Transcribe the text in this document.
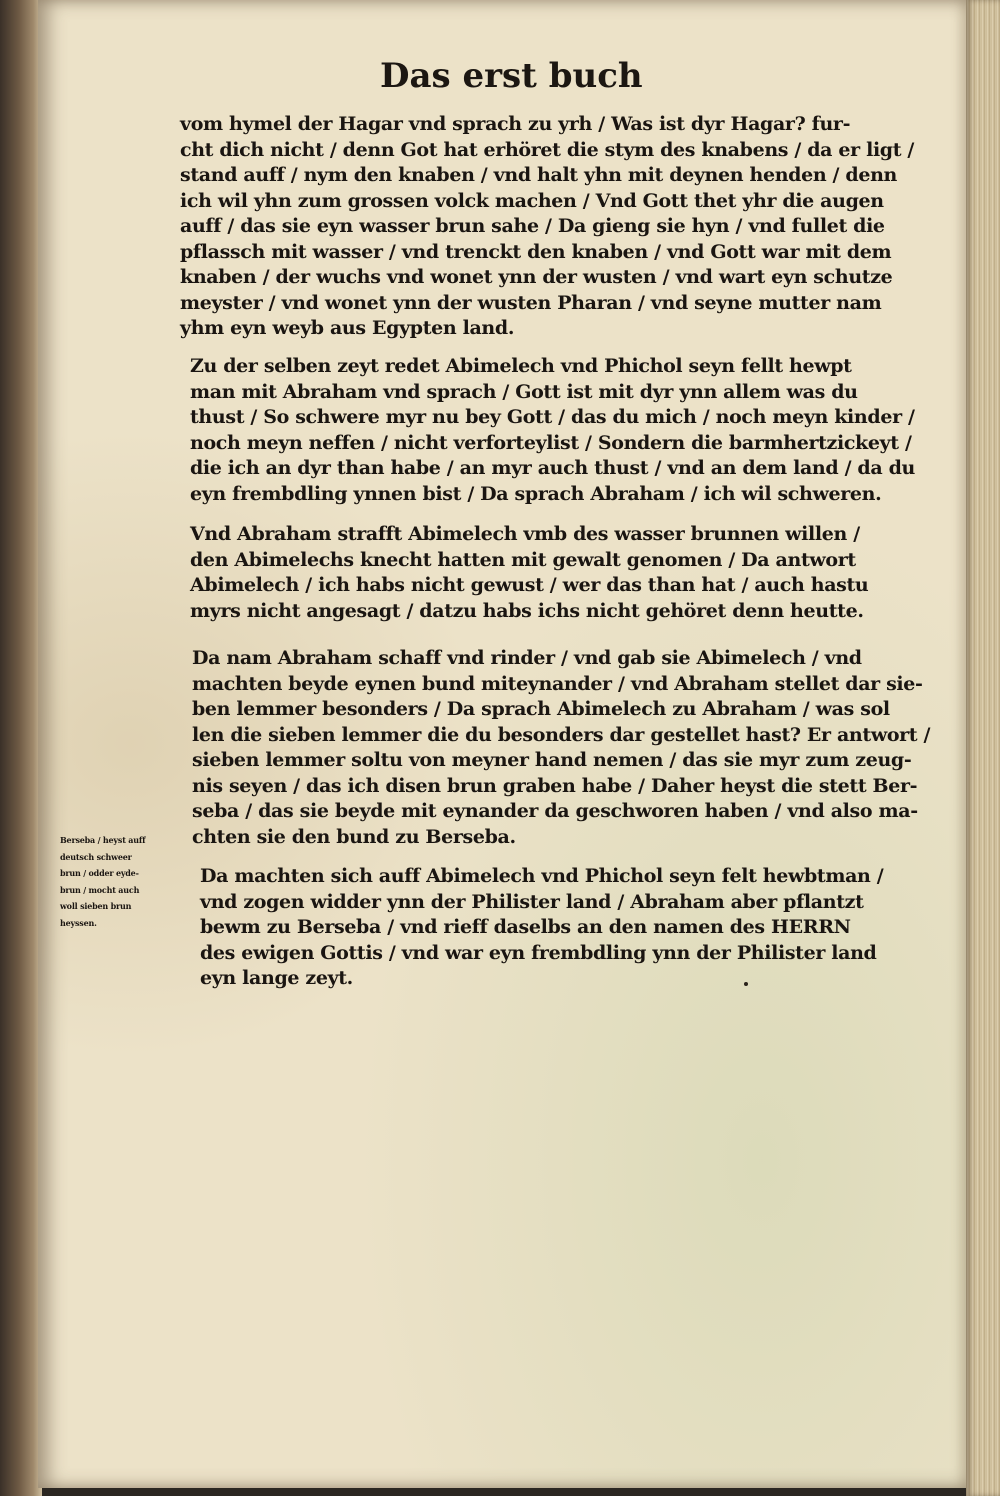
Das erst buch
vom hymel der Hagar vnd sprach zu yrh / Was ist dyr Hagar? fur-
cht dich nicht / denn Got hat erhöret die stym des knabens / da er ligt /
stand auff / nym den knaben / vnd halt yhn mit deynen henden / denn
ich wil yhn zum grossen volck machen / Vnd Gott thet yhr die augen
auff / das sie eyn wasser brun sahe / Da gieng sie hyn / vnd fullet die
pflassch mit wasser / vnd trenckt den knaben / vnd Gott war mit dem
knaben / der wuchs vnd wonet ynn der wusten / vnd wart eyn schutze
meyster / vnd wonet ynn der wusten Pharan / vnd seyne mutter nam
yhm eyn weyb aus Egypten land.
Zu der selben zeyt redet Abimelech vnd Phichol seyn fellt hewpt
man mit Abraham vnd sprach / Gott ist mit dyr ynn allem was du
thust / So schwere myr nu bey Gott / das du mich / noch meyn kinder /
noch meyn neffen / nicht verforteylist / Sondern die barmhertzickeyt /
die ich an dyr than habe / an myr auch thust / vnd an dem land / da du
eyn frembdling ynnen bist / Da sprach Abraham / ich wil schweren.
Vnd Abraham strafft Abimelech vmb des wasser brunnen willen /
den Abimelechs knecht hatten mit gewalt genomen / Da antwort
Abimelech / ich habs nicht gewust / wer das than hat / auch hastu
myrs nicht angesagt / datzu habs ichs nicht gehöret denn heutte.
Da nam Abraham schaff vnd rinder / vnd gab sie Abimelech / vnd
machten beyde eynen bund miteynander / vnd Abraham stellet dar sie-
ben lemmer besonders / Da sprach Abimelech zu Abraham / was sol
len die sieben lemmer die du besonders dar gestellet hast? Er antwort /
sieben lemmer soltu von meyner hand nemen / das sie myr zum zeug-
nis seyen / das ich disen brun graben habe / Daher heyst die stett Ber-
seba / das sie beyde mit eynander da geschworen haben / vnd also ma-
chten sie den bund zu Berseba.
Berseba / heyst auff
deutsch schweer
brun / odder eyde-
brun / mocht auch
woll sieben brun
heyssen.
Da machten sich auff Abimelech vnd Phichol seyn felt hewbtman /
vnd zogen widder ynn der Philister land / Abraham aber pflantzt
bewm zu Berseba / vnd rieff daselbs an den namen des HERRN
des ewigen Gottis / vnd war eyn frembdling ynn der Philister land
eyn lange zeyt.
